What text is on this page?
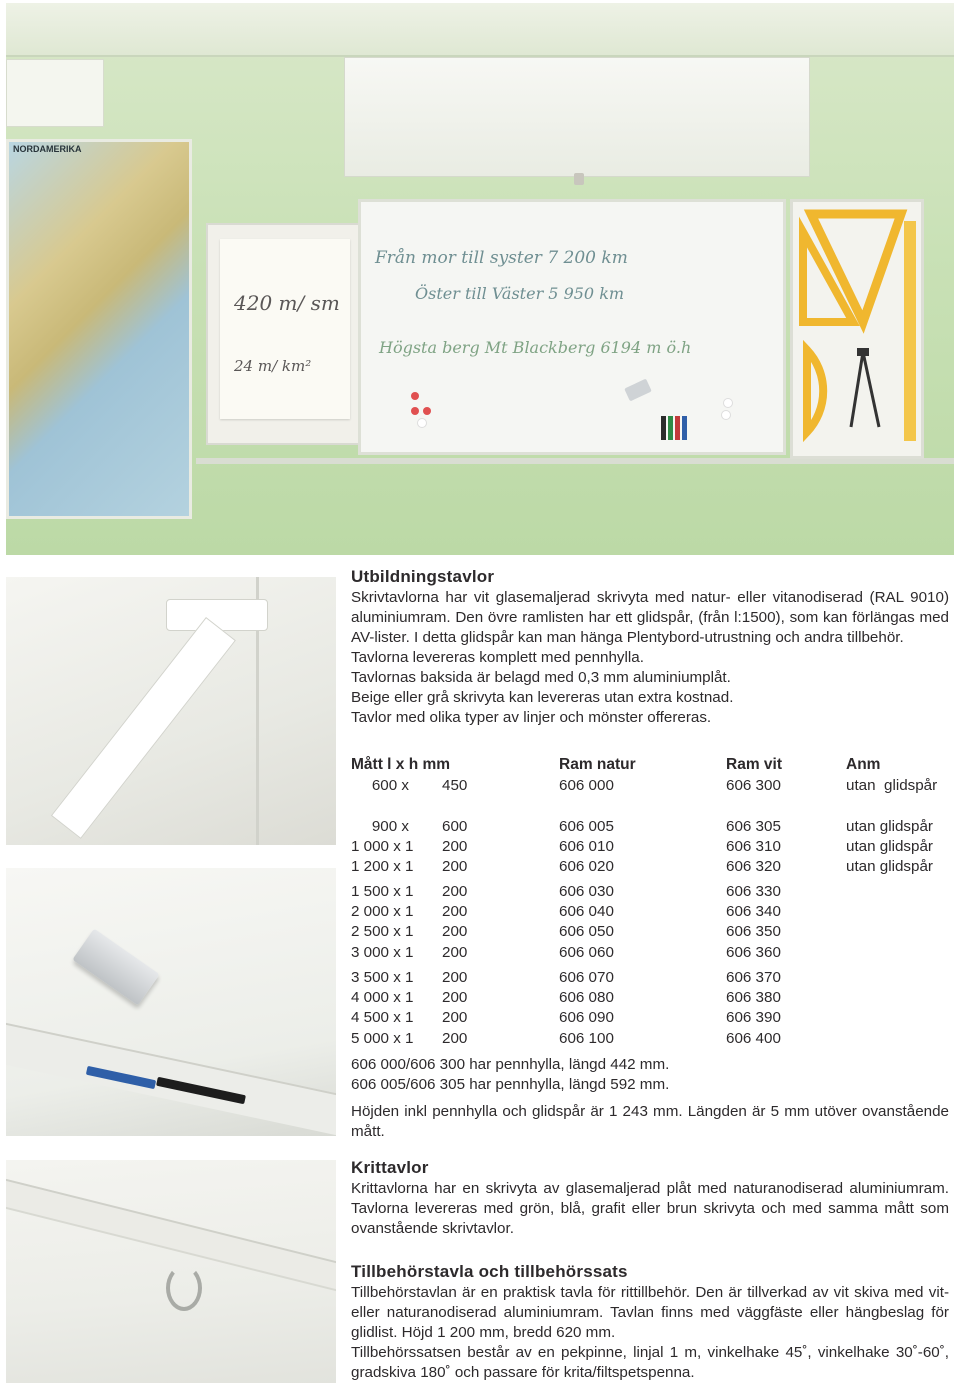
NORDAMERIKA
420 m/ sm
24 m/ km²
Från mor till syster 7 200 km
Öster till Väster 5 950 km
Högsta berg Mt Blackberg 6194 m ö.h
Utbildningstavlor
Skrivtavlorna har vit glasemaljerad skrivyta med natur- eller vitanodiserad (RAL 9010) aluminiumram. Den övre ramlisten har ett glidspår, (från l:1500), som kan förlängas med AV-lister. I detta glidspår kan man hänga Plentybord-utrustning och andra tillbehör.
Tavlorna levereras komplett med pennhylla.
Tavlornas baksida är belagd med 0,3 mm aluminiumplåt.
Beige eller grå skrivyta kan levereras utan extra kostnad.
Tavlor med olika typer av linjer och mönster offereras.
Mått l x h mm	Ram natur	Ram vit	Anm
600 x 450	606 000	606 300	utan  glidspår
900 x 600	606 005	606 305	utan glidspår
1 000 x 1 200	606 010	606 310	utan glidspår
1 200 x 1 200	606 020	606 320	utan glidspår
1 500 x 1 200	606 030	606 330
2 000 x 1 200	606 040	606 340
2 500 x 1 200	606 050	606 350
3 000 x 1 200	606 060	606 360
3 500 x 1 200	606 070	606 370
4 000 x 1 200	606 080	606 380
4 500 x 1 200	606 090	606 390
5 000 x 1 200	606 100	606 400
606 000/606 300 har pennhylla, längd 442 mm.
606 005/606 305 har pennhylla, längd 592 mm.
Höjden inkl pennhylla och glidspår är 1 243 mm. Längden är 5 mm utöver ovanstående mått.
Krittavlor
Krittavlorna har en skrivyta av glasemaljerad plåt med naturanodiserad aluminiumram. Tavlorna levereras med grön, blå, grafit eller brun skrivyta och med samma mått som ovanstående skrivtavlor.
Tillbehörstavla och tillbehörssats
Tillbehörstavlan är en praktisk tavla för rittillbehör. Den är tillverkad av vit skiva med vit- eller naturanodiserad aluminiumram. Tavlan finns med väggfäste eller hängbeslag för glidlist. Höjd 1 200 mm, bredd 620 mm.
Tillbehörssatsen består av en pekpinne, linjal 1 m, vinkelhake 45˚, vinkelhake 30˚-60˚, gradskiva 180˚ och passare för krita/filtspetspenna.
